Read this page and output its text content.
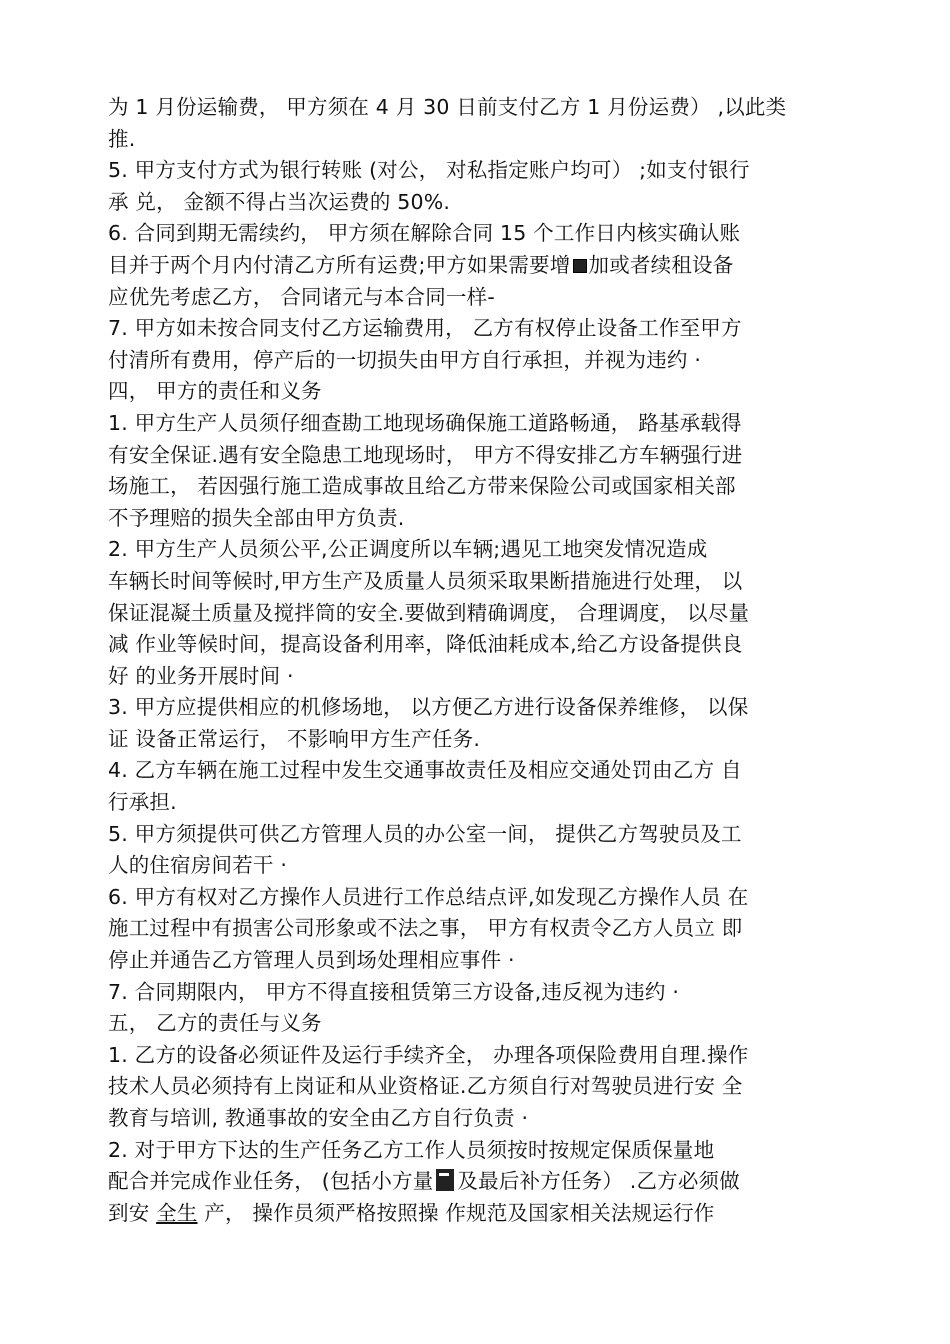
为 1 月份运输费， 甲方须在 4 月 30 日前支付乙方 1 月份运费） ,以此类
推.
5. 甲方支付方式为银行转账 (对公， 对私指定账户均可） ;如支付银行
承 兑， 金额不得占当次运费的 50%.
6. 合同到期无需续约， 甲方须在解除合同 15 个工作日内核实确认账
目并于两个月内付清乙方所有运费;甲方如果需要增 加或者续租设备
应优先考虑乙方， 合同诸元与本合同一样-
7. 甲方如未按合同支付乙方运输费用， 乙方有权停止设备工作至甲方
付清所有费用，停产后的一切损失由甲方自行承担，并视为违约 ·
四， 甲方的责任和义务
1. 甲方生产人员须仔细查勘工地现场确保施工道路畅通， 路基承载得
有安全保证.遇有安全隐患工地现场时， 甲方不得安排乙方车辆强行进
场施工， 若因强行施工造成事故且给乙方带来保险公司或国家相关部
不予理赔的损失全部由甲方负责.
2. 甲方生产人员须公平,公正调度所以车辆;遇见工地突发情况造成
车辆长时间等候时,甲方生产及质量人员须采取果断措施进行处理， 以
保证混凝土质量及搅拌筒的安全.要做到精确调度， 合理调度， 以尽量
减 作业等候时间，提高设备利用率，降低油耗成本,给乙方设备提供良
好 的业务开展时间 ·
3. 甲方应提供相应的机修场地， 以方便乙方进行设备保养维修， 以保
证 设备正常运行， 不影响甲方生产任务.
4. 乙方车辆在施工过程中发生交通事故责任及相应交通处罚由乙方 自
行承担.
5. 甲方须提供可供乙方管理人员的办公室一间， 提供乙方驾驶员及工
人的住宿房间若干 ·
6. 甲方有权对乙方操作人员进行工作总结点评,如发现乙方操作人员 在
施工过程中有损害公司形象或不法之事， 甲方有权责令乙方人员立 即
停止并通告乙方管理人员到场处理相应事件 ·
7. 合同期限内， 甲方不得直接租赁第三方设备,违反视为违约 ·
五， 乙方的责任与义务
1. 乙方的设备必须证件及运行手续齐全， 办理各项保险费用自理.操作
技术人员必须持有上岗证和从业资格证.乙方须自行对驾驶员进行安 全
教育与培训, 教通事故的安全由乙方自行负责 ·
2. 对于甲方下达的生产任务乙方工作人员须按时按规定保质保量地
配合并完成作业任务， (包括小方量 及最后补方任务） .乙方必须做
到安 全生 产， 操作员须严格按照操 作规范及国家相关法规运行作
